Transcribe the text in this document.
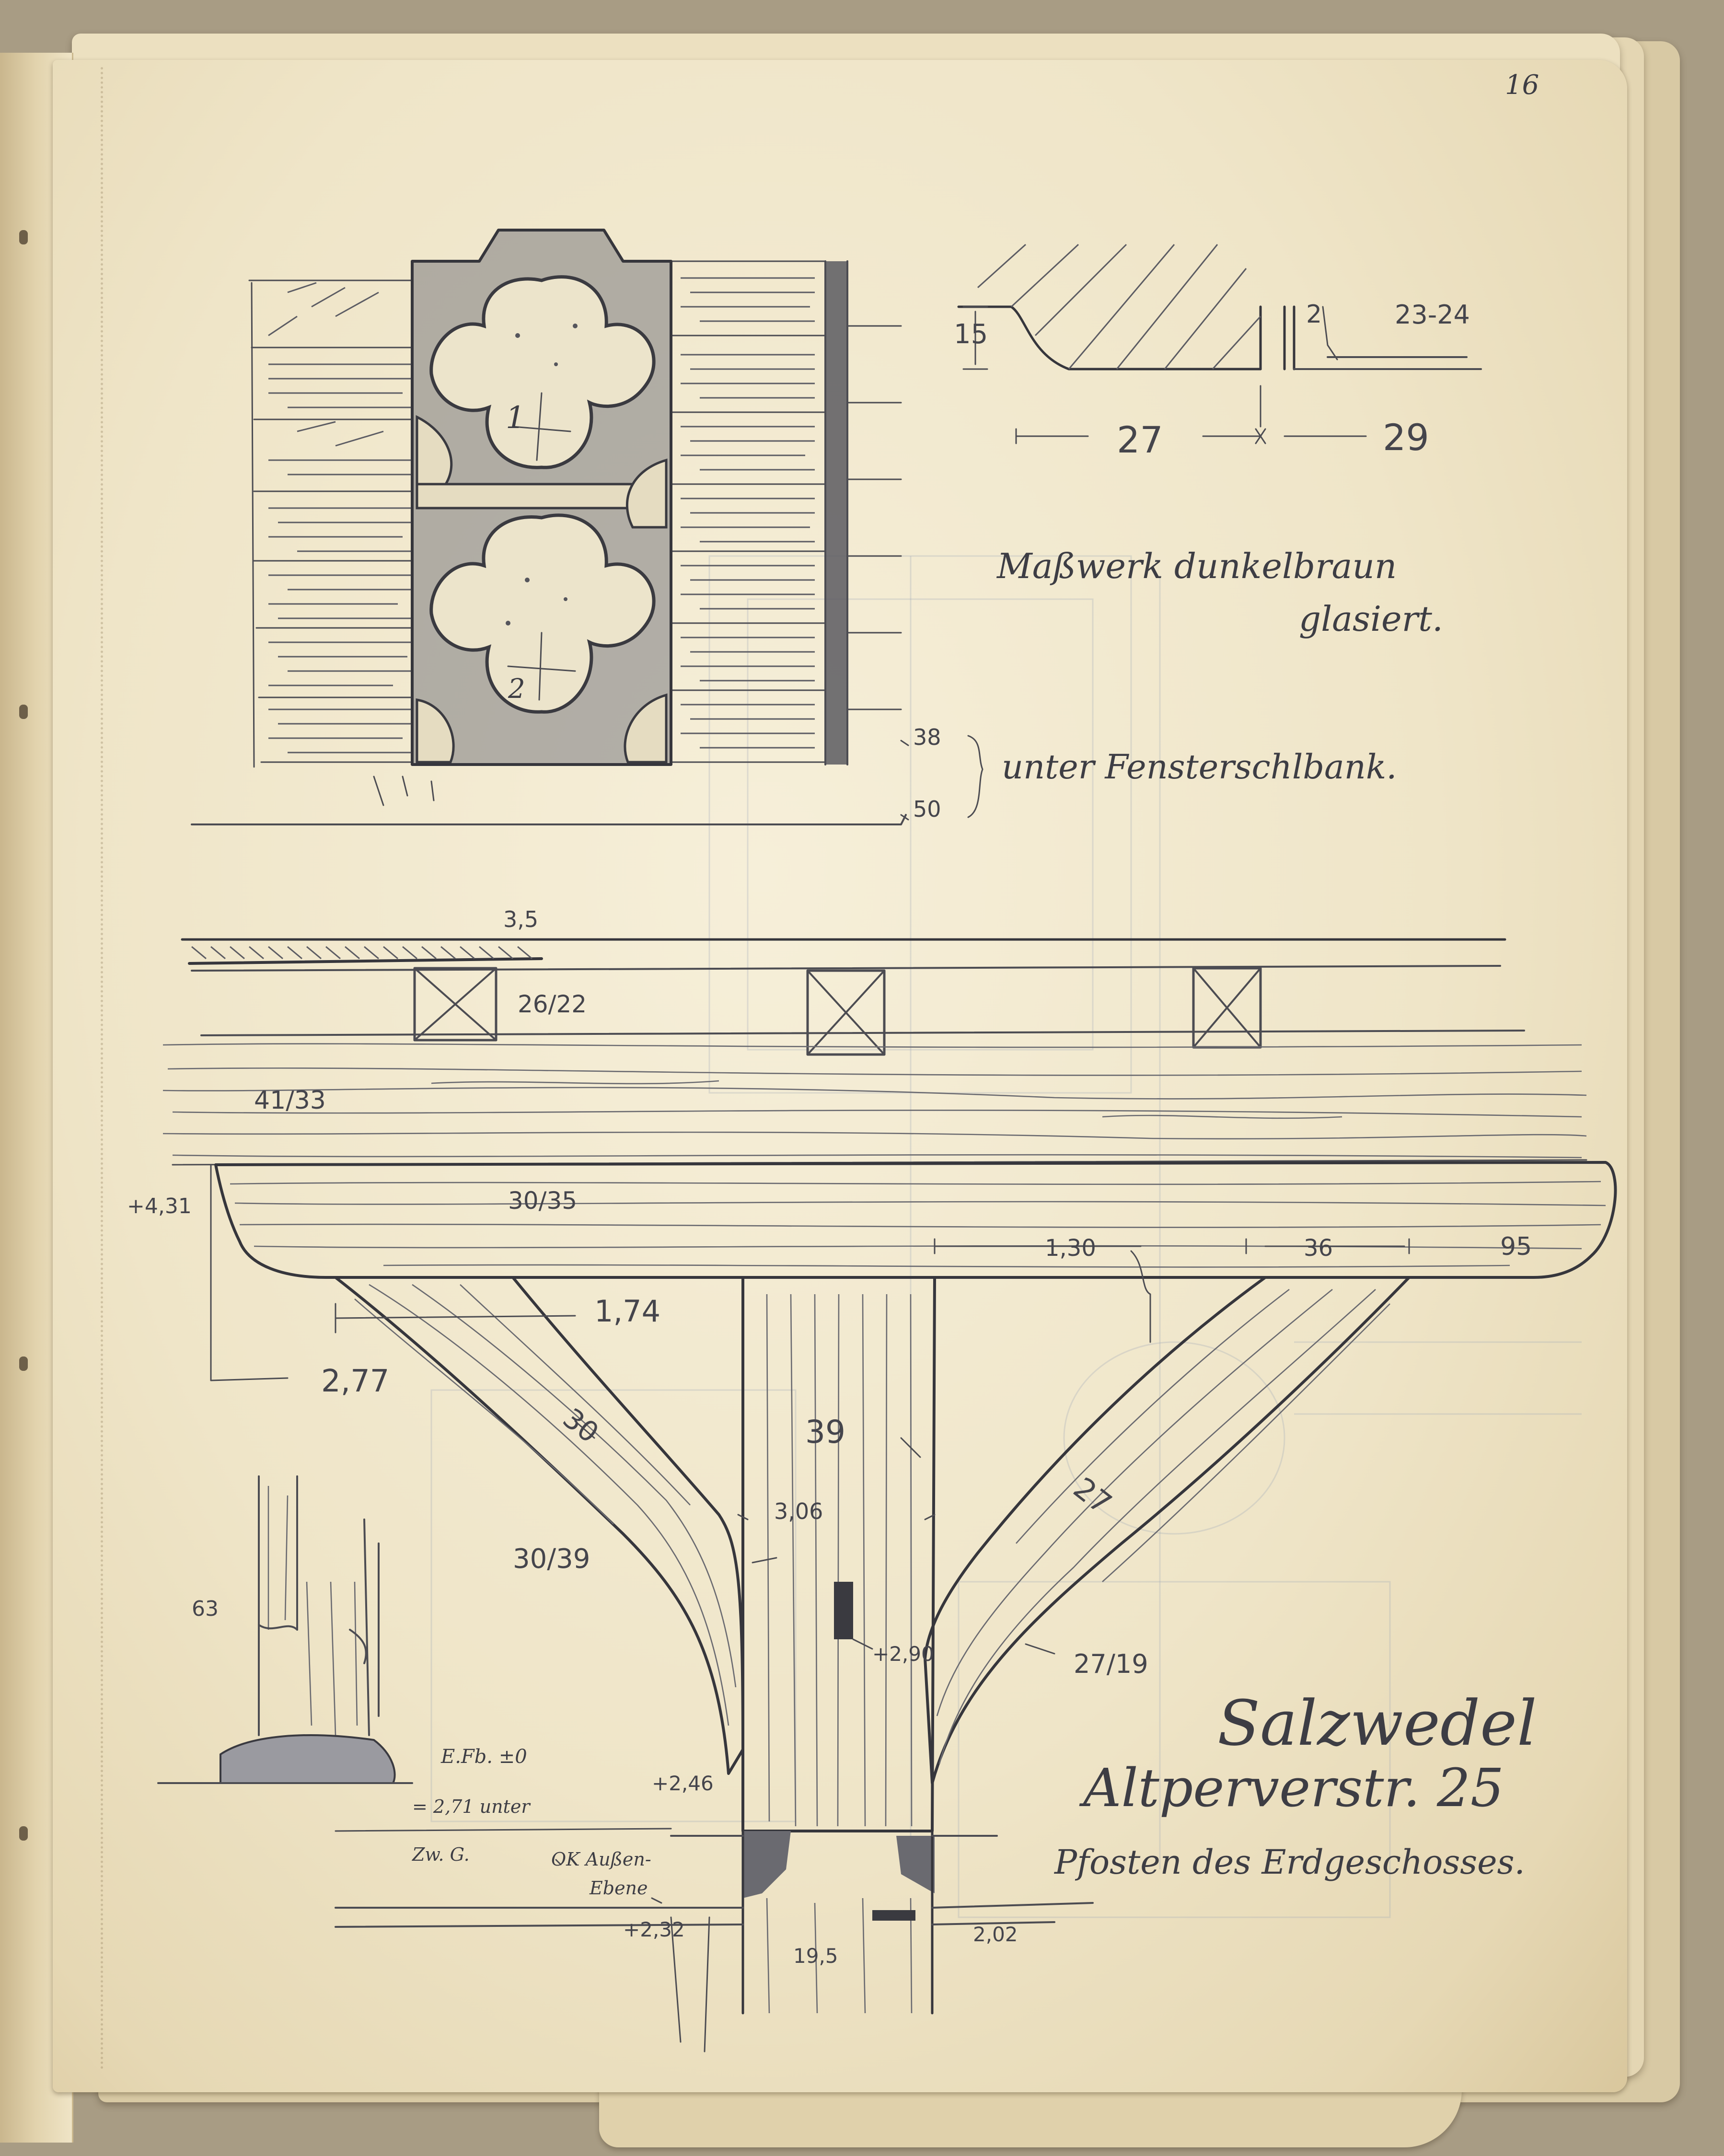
16
1
2
15
2	23-24
27	29
Maßwerk dunkelbraun
glasiert.
38
50
unter Fensterschlbank.
3,5
26/22
41/33
+4,31	30/35
1,30	36	95
1,74
2,77
30
30/39
39
3,06	27
27/19
+2,90
+2,46
+2,32
19,5
2,02
63
E.Fb. ±0
= 2,71 unter
Zw. G.	OK Außen-
Ebene
Salzwedel
Altperverstr. 25
Pfosten des Erdgeschosses.
